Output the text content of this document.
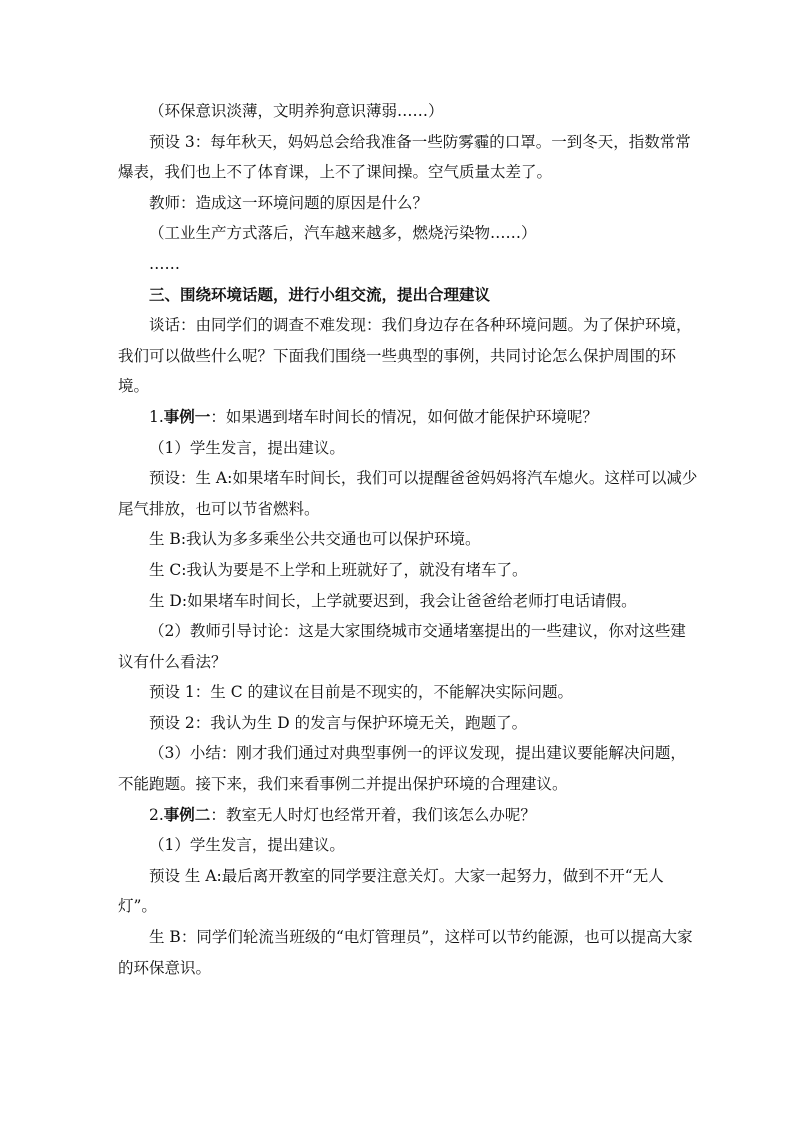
（环保意识淡薄，文明养狗意识薄弱……）

预设 3：每年秋天，妈妈总会给我准备一些防雾霾的口罩。一到冬天，指数常常爆表，我们也上不了体育课，上不了课间操。空气质量太差了。

教师：造成这一环境问题的原因是什么？

（工业生产方式落后，汽车越来越多，燃烧污染物……）

……

三、围绕环境话题，进行小组交流，提出合理建议

谈话：由同学们的调查不难发现：我们身边存在各种环境问题。为了保护环境，我们可以做些什么呢？下面我们围绕一些典型的事例，共同讨论怎么保护周围的环境。

1.事例一：如果遇到堵车时间长的情况，如何做才能保护环境呢？

（1）学生发言，提出建议。

预设：生 A:如果堵车时间长，我们可以提醒爸爸妈妈将汽车熄火。这样可以减少尾气排放，也可以节省燃料。

生 B:我认为多多乘坐公共交通也可以保护环境。

生 C:我认为要是不上学和上班就好了，就没有堵车了。

生 D:如果堵车时间长，上学就要迟到，我会让爸爸给老师打电话请假。

（2）教师引导讨论：这是大家围绕城市交通堵塞提出的一些建议，你对这些建议有什么看法？

预设 1：生 C 的建议在目前是不现实的，不能解决实际问题。

预设 2：我认为生 D 的发言与保护环境无关，跑题了。

（3）小结：刚才我们通过对典型事例一的评议发现，提出建议要能解决问题，不能跑题。接下来，我们来看事例二并提出保护环境的合理建议。

2.事例二：教室无人时灯也经常开着，我们该怎么办呢？

（1）学生发言，提出建议。

预设 生 A:最后离开教室的同学要注意关灯。大家一起努力，做到不开“无人灯”。

生 B：同学们轮流当班级的“电灯管理员”，这样可以节约能源，也可以提高大家的环保意识。
